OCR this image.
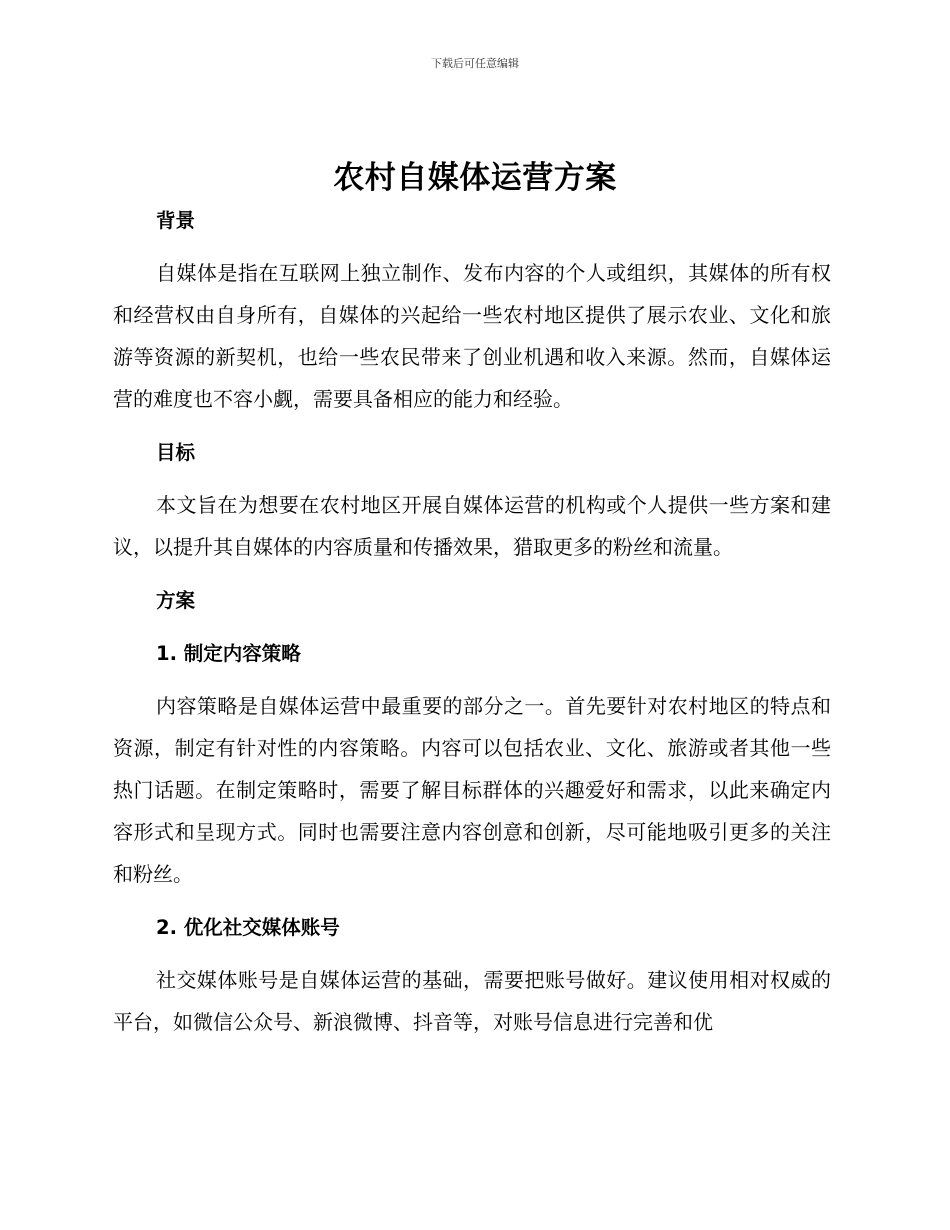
下载后可任意编辑
农村自媒体运营方案
背景

自媒体是指在互联网上独立制作、发布内容的个人或组织，其媒体的所有权和经营权由自身所有，自媒体的兴起给一些农村地区提供了展示农业、文化和旅游等资源的新契机，也给一些农民带来了创业机遇和收入来源。然而，自媒体运营的难度也不容小觑，需要具备相应的能力和经验。

目标

本文旨在为想要在农村地区开展自媒体运营的机构或个人提供一些方案和建议，以提升其自媒体的内容质量和传播效果，猎取更多的粉丝和流量。

方案
1. 制定内容策略

内容策略是自媒体运营中最重要的部分之一。首先要针对农村地区的特点和资源，制定有针对性的内容策略。内容可以包括农业、文化、旅游或者其他一些热门话题。在制定策略时，需要了解目标群体的兴趣爱好和需求，以此来确定内容形式和呈现方式。同时也需要注意内容创意和创新，尽可能地吸引更多的关注和粉丝。

2. 优化社交媒体账号

社交媒体账号是自媒体运营的基础，需要把账号做好。建议使用相对权威的平台，如微信公众号、新浪微博、抖音等，对账号信息进行完善和优
